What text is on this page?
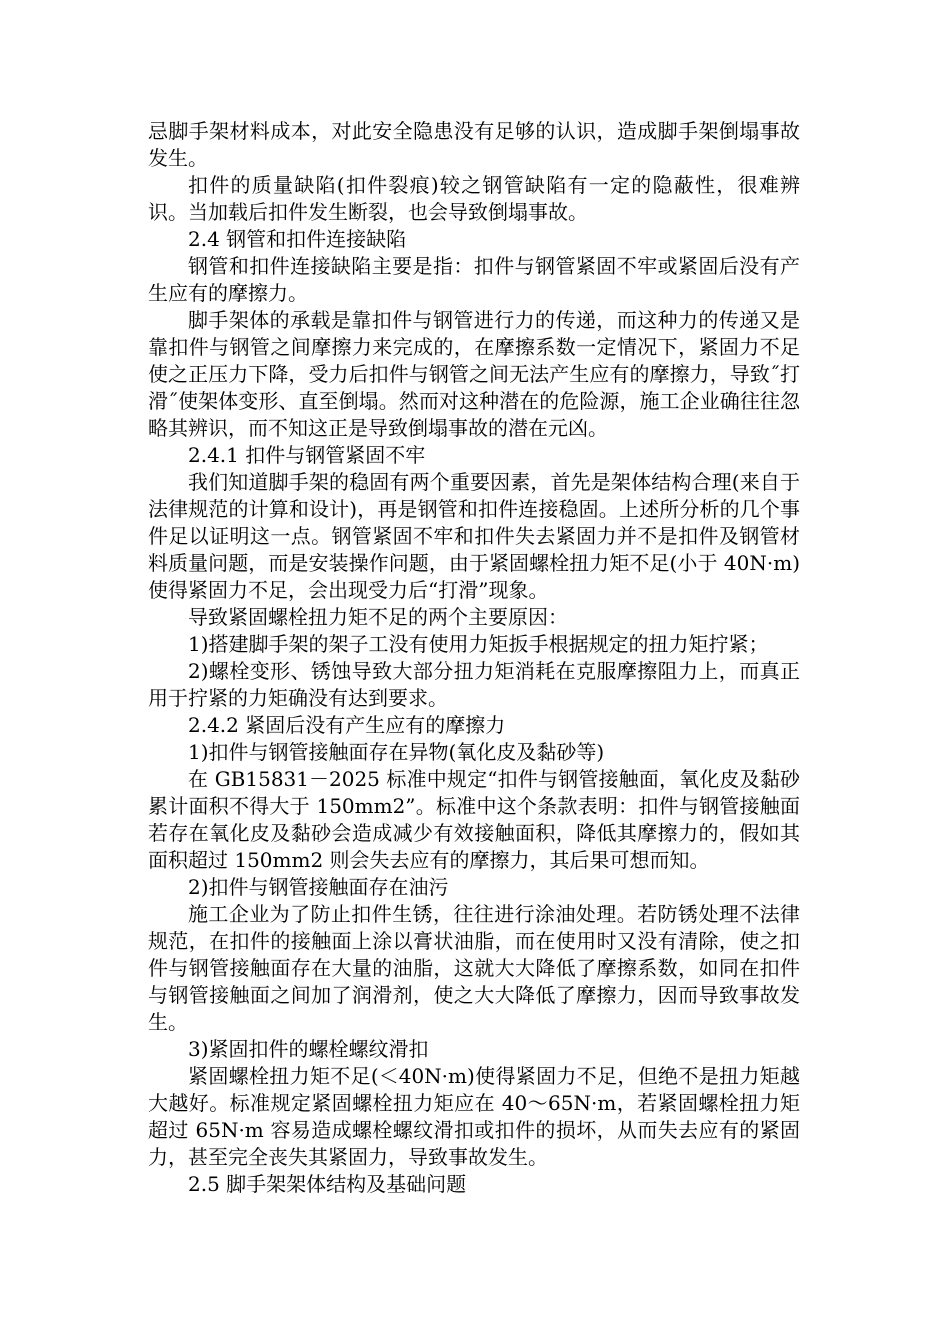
忌脚手架材料成本，对此安全隐患没有足够的认识，造成脚手架倒塌事故发生。

扣件的质量缺陷(扣件裂痕)较之钢管缺陷有一定的隐蔽性，很难辨识。当加载后扣件发生断裂，也会导致倒塌事故。

2.4 钢管和扣件连接缺陷

钢管和扣件连接缺陷主要是指：扣件与钢管紧固不牢或紧固后没有产生应有的摩擦力。

脚手架体的承载是靠扣件与钢管进行力的传递，而这种力的传递又是靠扣件与钢管之间摩擦力来完成的，在摩擦系数一定情况下，紧固力不足使之正压力下降，受力后扣件与钢管之间无法产生应有的摩擦力，导致˝打滑˝使架体变形、直至倒塌。然而对这种潜在的危险源，施工企业确往往忽略其辨识，而不知这正是导致倒塌事故的潜在元凶。

2.4.1 扣件与钢管紧固不牢

我们知道脚手架的稳固有两个重要因素，首先是架体结构合理(来自于法律规范的计算和设计)，再是钢管和扣件连接稳固。上述所分析的几个事件足以证明这一点。钢管紧固不牢和扣件失去紧固力并不是扣件及钢管材料质量问题，而是安装操作问题，由于紧固螺栓扭力矩不足(小于 40N·m)使得紧固力不足，会出现受力后“打滑”现象。

导致紧固螺栓扭力矩不足的两个主要原因：

1)搭建脚手架的架子工没有使用力矩扳手根据规定的扭力矩拧紧；

2)螺栓变形、锈蚀导致大部分扭力矩消耗在克服摩擦阻力上，而真正用于拧紧的力矩确没有达到要求。

2.4.2 紧固后没有产生应有的摩擦力

1)扣件与钢管接触面存在异物(氧化皮及黏砂等)

在 GB15831－2025 标准中规定“扣件与钢管接触面，氧化皮及黏砂累计面积不得大于 150mm2”。标准中这个条款表明：扣件与钢管接触面若存在氧化皮及黏砂会造成减少有效接触面积，降低其摩擦力的，假如其面积超过 150mm2 则会失去应有的摩擦力，其后果可想而知。

2)扣件与钢管接触面存在油污

施工企业为了防止扣件生锈，往往进行涂油处理。若防锈处理不法律规范，在扣件的接触面上涂以膏状油脂，而在使用时又没有清除，使之扣件与钢管接触面存在大量的油脂，这就大大降低了摩擦系数，如同在扣件与钢管接触面之间加了润滑剂，使之大大降低了摩擦力，因而导致事故发生。

3)紧固扣件的螺栓螺纹滑扣

紧固螺栓扭力矩不足(＜40N·m)使得紧固力不足，但绝不是扭力矩越大越好。标准规定紧固螺栓扭力矩应在 40～65N·m，若紧固螺栓扭力矩超过 65N·m 容易造成螺栓螺纹滑扣或扣件的损坏，从而失去应有的紧固力，甚至完全丧失其紧固力，导致事故发生。

2.5 脚手架架体结构及基础问题
